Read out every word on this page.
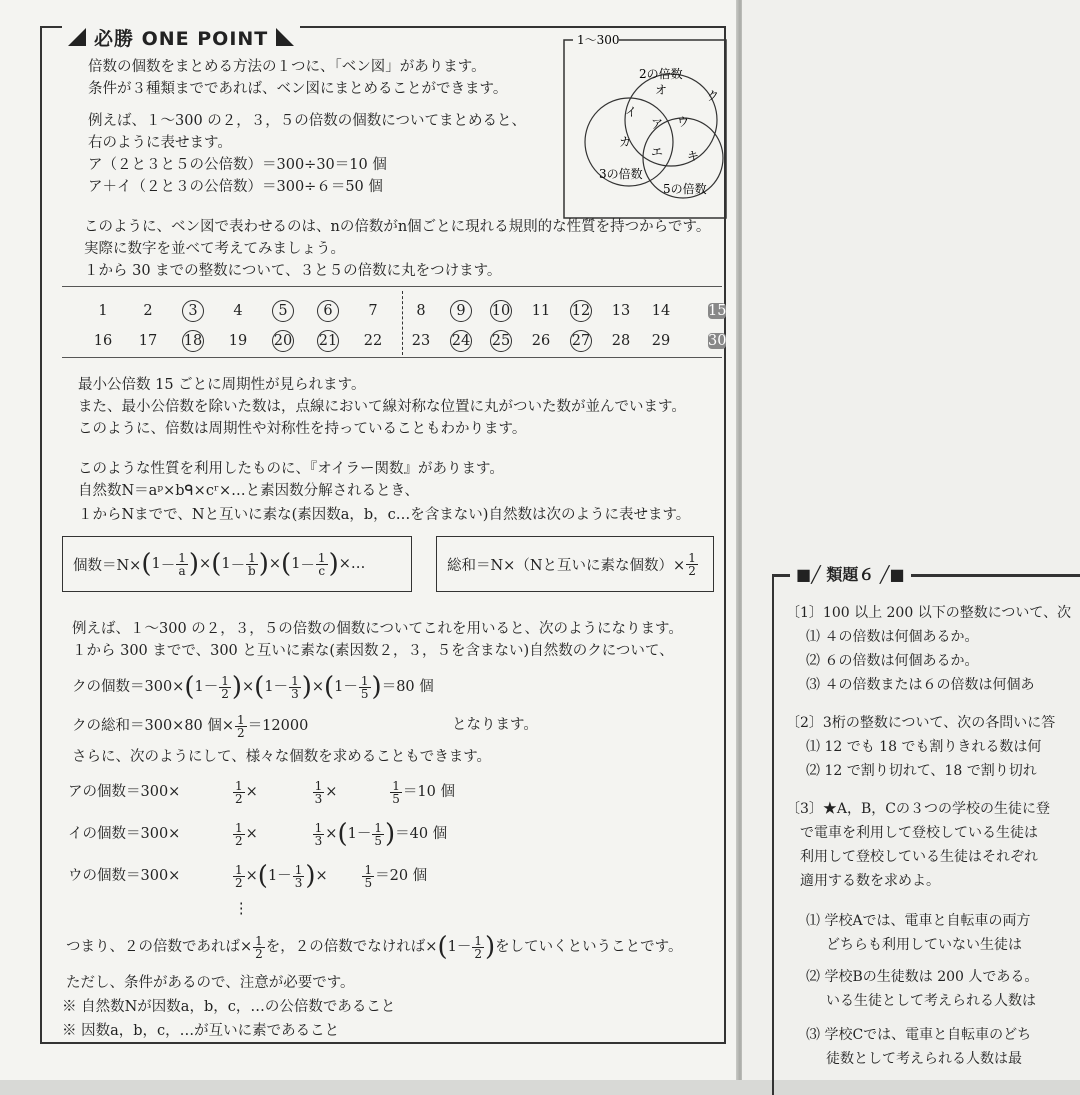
必勝 ONE POINT
倍数の個数をまとめる方法の１つに、「ベン図」があります。
条件が３種類までであれば、ベン図にまとめることができます。
例えば、１～300 の２，３，５の倍数の個数についてまとめると、
右のように表せます。
ア（２と３と５の公倍数）＝300÷30＝10 個
ア＋イ（２と３の公倍数）＝300÷６＝50 個
1～300
2の倍数
3の倍数
5の倍数
ア
イ
ウ
エ
オ
カ
キ
ク
このように、ベン図で表わせるのは、nの倍数がn個ごとに現れる規則的な性質を持つからです。
実際に数字を並べて考えてみましょう。
１から 30 までの整数について、３と５の倍数に丸をつけます。
1	2	3	4	5	6	7	8	9	10 11 12 13 14	15
16 17 18 19 20 21 22 23 24 25 26 27 28 29	30
最小公倍数 15 ごとに周期性が見られます。
また、最小公倍数を除いた数は，点線において線対称な位置に丸がついた数が並んでいます。
このように、倍数は周期性や対称性を持っていることもわかります。
このような性質を利用したものに、『オイラー関数』があります。
自然数N＝aᵖ×bᑫ×cʳ×…と素因数分解されるとき、
１からNまでで、Nと互いに素な(素因数a，b，c…を含まない)自然数は次のように表せます。
個数＝N× ( $1 - \frac{1}{a}$ ) × ( $1 - \frac{1}{b}$ ) × ( $1 - \frac{1}{c}$ ) ×…	総和＝N×（Nと互いに素な個数）× $\frac{1}{2}$
例えば、１～300 の２，３，５の倍数の個数についてこれを用いると、次のようになります。
１から 300 までで、300 と互いに素な(素因数２，３，５を含まない)自然数のクについて、
クの個数＝300× ( $1- \frac{1}{2}$ ) × ( $1- \frac{1}{3}$ ) × ( $1- \frac{1}{5}$ ) ＝80 個
クの総和＝300×80 個× $\frac{1}{2} =12000$	となります。
さらに、次のようにして、様々な個数を求めることもできます。
アの個数＝300×	$\frac{1}{2}$ ×	$\frac{1}{3}$ ×	$\frac{1}{5} =10$ 個
イの個数＝300×	$\frac{1}{2}$ ×	$\frac{1}{3}$ × ( $1- \frac{1}{5}$ ) ＝40 個
ウの個数＝300×	$\frac{1}{2}$ × ( $1- \frac{1}{3}$ ) ×	$\frac{1}{5} =20$ 個
⋮
つまり、２の倍数であれば× $\frac{1}{2}$ を，２の倍数でなければ× ( $1- \frac{1}{2}$ ) をしていくということです。
ただし、条件があるので、注意が必要です。
※ 自然数Nが因数a，b，c，…の公倍数であること
※ 因数a，b，c，…が互いに素であること
■╱ 類題６ ╱■
〔1〕100 以上 200 以下の整数について、次
⑴ ４の倍数は何個あるか。
⑵ ６の倍数は何個あるか。
⑶ ４の倍数または６の倍数は何個あ
〔2〕3桁の整数について、次の各問いに答
⑴ 12 でも 18 でも割りきれる数は何
⑵ 12 で割り切れて、18 で割り切れ
〔3〕★A，B，Cの３つの学校の生徒に登
で電車を利用して登校している生徒は
利用して登校している生徒はそれぞれ
適用する数を求めよ。
⑴ 学校Aでは、電車と自転車の両方
どちらも利用していない生徒は
⑵ 学校Bの生徒数は 200 人である。
いる生徒として考えられる人数は
⑶ 学校Cでは、電車と自転車のどち
徒数として考えられる人数は最
